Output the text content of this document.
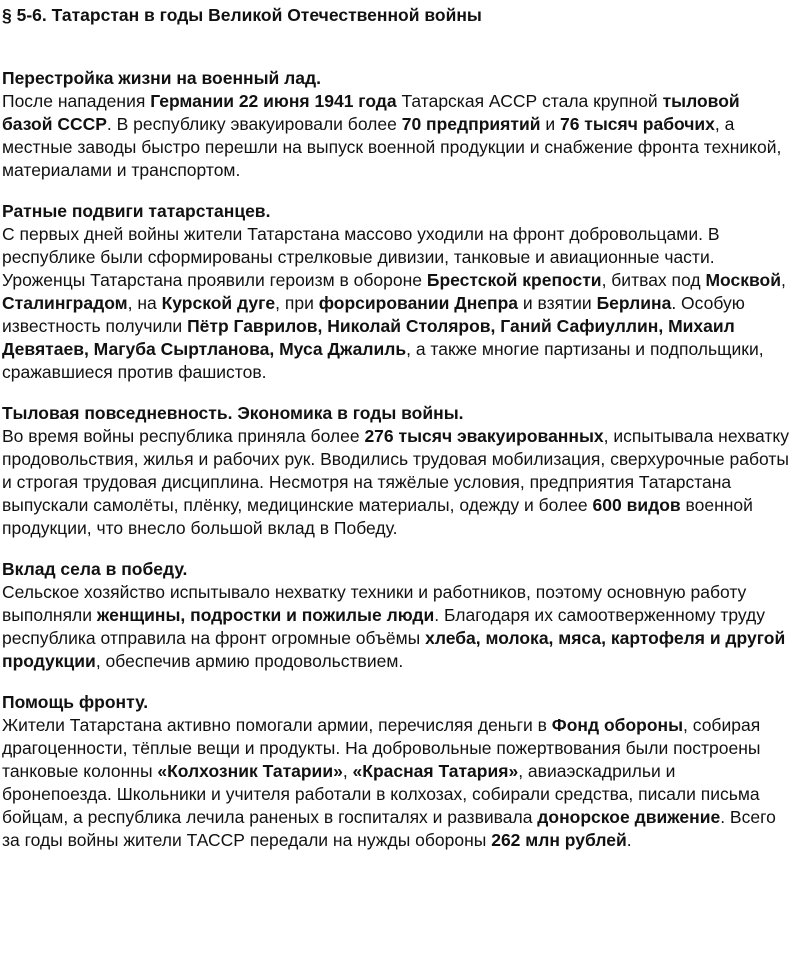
§ 5-6. Татарстан в годы Великой Отечественной войны
Перестройка жизни на военный лад.

После нападения Германии 22 июня 1941 года Татарская АССР стала крупной тыловой базой СССР. В республику эвакуировали более 70 предприятий и 76 тысяч рабочих, а местные заводы быстро перешли на выпуск военной продукции и снабжение фронта техникой, материалами и транспортом.

Ратные подвиги татарстанцев.

С первых дней войны жители Татарстана массово уходили на фронт добровольцами. В республике были сформированы стрелковые дивизии, танковые и авиационные части. Уроженцы Татарстана проявили героизм в обороне Брестской крепости, битвах под Москвой, Сталинградом, на Курской дуге, при форсировании Днепра и взятии Берлина. Особую известность получили Пётр Гаврилов, Николай Столяров, Ганий Сафиуллин, Михаил Девятаев, Магуба Сыртланова, Муса Джалиль, а также многие партизаны и подпольщики, сражавшиеся против фашистов.

Тыловая повседневность. Экономика в годы войны.

Во время войны республика приняла более 276 тысяч эвакуированных, испытывала нехватку продовольствия, жилья и рабочих рук. Вводились трудовая мобилизация, сверхурочные работы и строгая трудовая дисциплина. Несмотря на тяжёлые условия, предприятия Татарстана выпускали самолёты, плёнку, медицинские материалы, одежду и более 600 видов военной продукции, что внесло большой вклад в Победу.

Вклад села в победу.

Сельское хозяйство испытывало нехватку техники и работников, поэтому основную работу выполняли женщины, подростки и пожилые люди. Благодаря их самоотверженному труду республика отправила на фронт огромные объёмы хлеба, молока, мяса, картофеля и другой продукции, обеспечив армию продовольствием.

Помощь фронту.

Жители Татарстана активно помогали армии, перечисляя деньги в Фонд обороны, собирая драгоценности, тёплые вещи и продукты. На добровольные пожертвования были построены танковые колонны «Колхозник Татарии», «Красная Татария», авиаэскадрильи и бронепоезда. Школьники и учителя работали в колхозах, собирали средства, писали письма бойцам, а республика лечила раненых в госпиталях и развивала донорское движение. Всего за годы войны жители ТАССР передали на нужды обороны 262 млн рублей.
